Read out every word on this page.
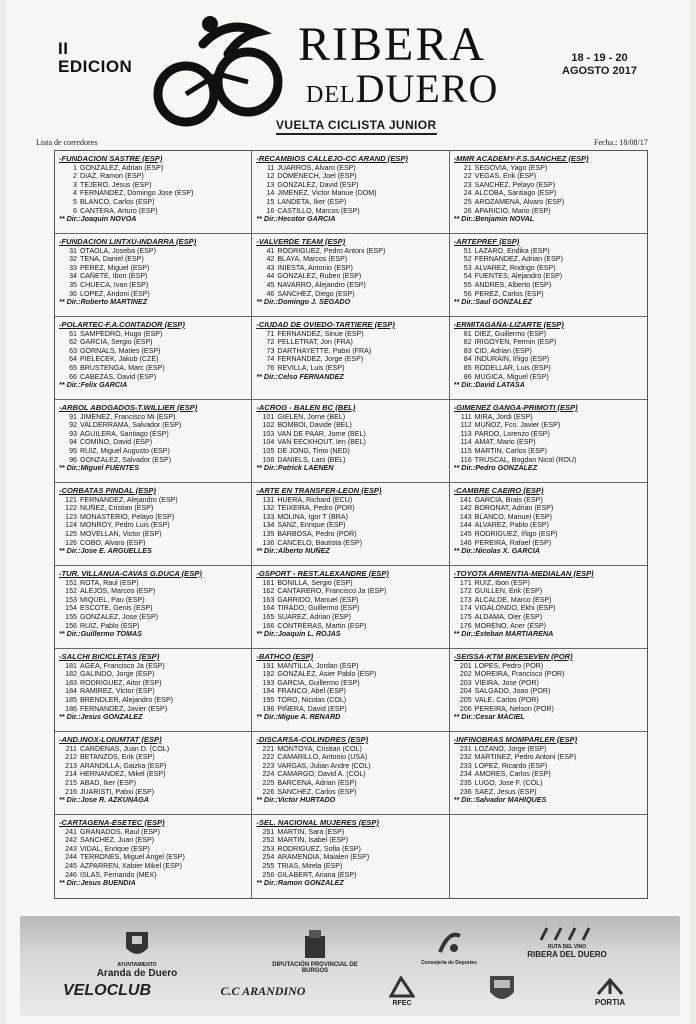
II
EDICION	RIBERA
DELDUERO
VUELTA CICLISTA JUNIOR
18 - 19 - 20
AGOSTO 2017
Lista de corredores	Fecha.: 18/08/17
-FUNDACION SASTRE (ESP)
1 GONZALEZ, Adrian (ESP)
2 DIAZ, Ramon (ESP)
3 TEJERO, Jesus (ESP)
4 FERNANDEZ, Domingo Jose (ESP)
5 BLANCO, Carlos (ESP)
6 CANTERA, Arturo (ESP)
** Dir.:Joaquin NOVOA
-RECAMBIOS CALLEJO-CC ARAND (ESP)
11 JUARROS, Alvaro (ESP)
12 DOMENECH, Joel (ESP)
13 GONZALEZ, David (ESP)
14 JIMENEZ, Victor Manue (DOM)
15 LANDETA, Iker (ESP)
16 CASTILLO, Marcos (ESP)
** Dir.:Hecotor GARCIA
-MMR ACADEMY-F.S.SANCHEZ (ESP)
21 SEGOVIA, Yago (ESP)
22 VEGAS, Erik (ESP)
23 SANCHEZ, Pelayo (ESP)
24 ALCOBA, Santiago (ESP)
25 AROZAMENA, Alvaro (ESP)
26 APARICIO, Mario (ESP)
** Dir.:Benjamin NOVAL
-FUNDACION LINTXU-INDARRA (ESP)
31 OTAOLA, Joseba (ESP)
32 TENA, Daniel (ESP)
33 PEREZ, Miguel (ESP)
34 CAÑETE, Ibon (ESP)
35 CHUECA, Ivan (ESP)
36 LOPEZ, Andoni (ESP)
** Dir.:Roberto MARTINEZ
-VALVERDE TEAM (ESP)
41 RODRIGUEZ, Pedro Antoni (ESP)
42 BLAYA, Marcos (ESP)
43 INIESTA, Antonio (ESP)
44 GONZALEZ, Ruben (ESP)
45 NAVARRO, Alejandro (ESP)
46 SANCHEZ, Diego (ESP)
** Dir.:Domingo J. SEGADO
-ARTEPREF (ESP)
51 LAZARO, Endika (ESP)
52 FERNANDEZ, Adrian (ESP)
53 ALVAREZ, Rodrigo (ESP)
54 FUENTES, Alejandro (ESP)
55 ANDRES, Alberto (ESP)
56 PEREZ, Carlos (ESP)
** Dir.:Saul GONZALEZ
-POLARTEC-F.A.CONTADOR (ESP)
61 SAMPEDRO, Hugo (ESP)
62 GARCIA, Sergio (ESP)
63 GORNALS, Maties (ESP)
64 PIELECEK, Jakub (CZE)
65 BRUSTENGA, Marc (ESP)
66 CABEZAS, David (ESP)
** Dir.:Felix GARCIA
-CIUDAD DE OVIEDO-TARTIERE (ESP)
71 FERNANDEZ, Sinue (ESP)
72 PELLETRAT, Jon (FRA)
73 DARTHAYETTE, Pabxi (FRA)
74 FERNANDEZ, Jorge (ESP)
76 REVILLA, Luis (ESP)
** Dir.:Celso FERNANDEZ
-ERMITAGAÑA-LIZARTE (ESP)
81 DIEZ, Guillermo (ESP)
82 IRIGOYEN, Fermin (ESP)
83 CID, Adrian (ESP)
84 INDURAIN, Iñigo (ESP)
85 RODELLAR, Luis (ESP)
86 MUGICA, Miguel (ESP)
** Dir.:David LATASA
-ARBOL ABOGADOS-T.WILLIER (ESP)
91 JIMENEZ, Francisco Mi (ESP)
92 VALDERRAMA, Salvador (ESP)
93 AGUILERA, Santiago (ESP)
94 COMINO, David (ESP)
95 RUIZ, Miguel Augusto (ESP)
96 GONZALEZ, Salvador (ESP)
** Dir.:Miguel FUENTES
-ACROG - BALEN BC (BEL)
101 GIELEN, Jorne (BEL)
102 BOMBOI, Davide (BEL)
103 VAN DE PAAR, Jorne (BEL)
104 VAN EECKHOUT, Ien (BEL)
105 DE JONG, Timo (NED)
106 DANIELS, Lars (BEL)
** Dir.:Patrick LAENEN
-GIMENEZ GANGA-PRIMOTI (ESP)
111 MIRA, Jordi (ESP)
112 MUÑOZ, Fco. Javier (ESP)
113 PARDO, Lorenzo (ESP)
114 AMAT, Mario (ESP)
115 MARTIN, Carlos (ESP)
116 TRUSCAL, Bogdan Nicol (ROU)
** Dir.:Pedro GONZALEZ
-CORBATAS PINDAL (ESP)
121 FERNANDEZ, Alejandro (ESP)
122 NUÑEZ, Cristian (ESP)
123 MONASTERIO, Pelayo (ESP)
124 MONROY, Pedro Luis (ESP)
125 MOVELLAN, Victor (ESP)
126 COBO, Alvaro (ESP)
** Dir.:Jose E. ARGUELLES
-ARTE EN TRANSFER-LEON (ESP)
131 HUERA, Richard (ECU)
132 TEIXEIRA, Pedro (POR)
133 MOLINA, Igor T (BRA)
134 SANZ, Enrique (ESP)
135 BARBOSA, Pedro (POR)
136 CANCELO, Bautista (ESP)
** Dir.:Alberto NUÑEZ
-CAMBRE CAEIRO (ESP)
141 GARCIA, Brais (ESP)
142 BORONAT, Adrian (ESP)
143 BLANCO, Manuel (ESP)
144 ALVAREZ, Pablo (ESP)
145 RODRIGUEZ, Iñigo (ESP)
146 PEREIRA, Rafael (ESP)
** Dir.:Nicolas X. GARCIA
-TUR. VILLANUA-CAVAS G.DUCA (ESP)
151 ROTA, Raul (ESP)
152 ALEJOS, Marcos (ESP)
153 MIQUEL, Pau (ESP)
154 ESCOTE, Genis (ESP)
155 GONZALEZ, Jose (ESP)
156 RUIZ, Pablo (ESP)
** Dir.:Guillermo TOMAS
-GSPORT - REST.ALEXANDRE (ESP)
161 BONILLA, Sergio (ESP)
162 CANTARERO, Francisco Ja (ESP)
163 GARRIDO, Manuel (ESP)
164 TIRADO, Guillermo (ESP)
165 SUAREZ, Adrian (ESP)
166 CONTRERAS, Martin (ESP)
** Dir.:Joaquin L. ROJAS
-TOYOTA ARMENTIA-MEDIALAN (ESP)
171 RUIZ, Ibon (ESP)
172 GUILLEN, Erik (ESP)
173 ALCALDE, Marco (ESP)
174 VIGALONDO, Ekhi (ESP)
175 ALDAMA, Oier (ESP)
176 MORENO, Aner (ESP)
** Dir.:Esteban MARTIARENA
-SALCHI BICICLETAS (ESP)
181 AGEA, Francisco Ja (ESP)
182 GALINDO, Jorge (ESP)
183 RODRIGUEZ, Aitor (ESP)
184 RAMIREZ, Victor (ESP)
185 BRENDLER, Alejandro (ESP)
186 FERNANDEZ, Javier (ESP)
** Dir.:Jesus GONZALEZ
-BATHCO (ESP)
191 MANTILLA, Jordan (ESP)
192 GONZALEZ, Asier Pablo (ESP)
193 GARCIA, Guillermo (ESP)
194 FRANCO, Abel (ESP)
195 TORO, Nicolas (COL)
196 PIÑERA, David (ESP)
** Dir.:Migue A. RENARD
-SEISSA-KTM BIKESEVEN (POR)
201 LOPES, Pedro (POR)
202 MOREIRA, Francisco (POR)
203 VIEIRA, Jose (POR)
204 SALGADO, Joao (POR)
205 VALE, Carlos (POR)
206 PEREIRA, Nelson (POR)
** Dir.:Cesar MACIEL
-AND.INOX-LOIUMTAT (ESP)
211 CARDENAS, Juan D. (COL)
212 BETANZOS, Erik (ESP)
213 ARANDILLA, Gaizka (ESP)
214 HERNANDEZ, Mikel (ESP)
215 ABAD, Iker (ESP)
216 JUARISTI, Pabxi (ESP)
** Dir.:Jose R. AZKUNAGA
-DISCARSA-COLINDRES (ESP)
221 MONTOYA, Cristian (COL)
222 CAMARILLO, Antonio (USA)
223 VARGAS, Julian Andre (COL)
224 CAMARGO, David A. (COL)
225 BARCENA, Adrian (ESP)
226 SANCHEZ, Carlos (ESP)
** Dir.:Victor HURTADO
-INFINOBRAS MOMPARLER (ESP)
231 LOZANO, Jorge (ESP)
232 MARTINEZ, Pedro Antoni (ESP)
233 LOPEZ, Ricardo (ESP)
234 AMORES, Carlos (ESP)
235 LUGO, Jose F. (COL)
236 SAEZ, Jesus (ESP)
** Dir.:Salvador MAHIQUES
-CARTAGENA-ESETEC (ESP)
241 GRANADOS, Raul (ESP)
242 SANCHEZ, Juan (ESP)
243 VIDAL, Enrique (ESP)
244 TERRONES, Miguel Angel (ESP)
245 AZPARREN, Xabier Mikel (ESP)
246 ISLAS, Fernando (MEX)
** Dir.:Jesus BUENDIA
-SEL. NACIONAL MUJERES (ESP)
251 MARTIN, Sara (ESP)
252 MARTIN, Isabel (ESP)
253 RODRIGUEZ, Sofia (ESP)
254 ARAMENDIA, Maialen (ESP)
255 TRIAS, Mirela (ESP)
256 GILABERT, Ariana (ESP)
** Dir.:Ramon GONZALEZ
AYUNTAMIENTO
Aranda de Duero
DIPUTACIÓN PROVINCIAL DE BURGOS
Consejería de Deportes
RUTA DEL VINO
RIBERA DEL DUERO
VELOCLUB	C.C ARANDINO
RFEC	PORTIA
